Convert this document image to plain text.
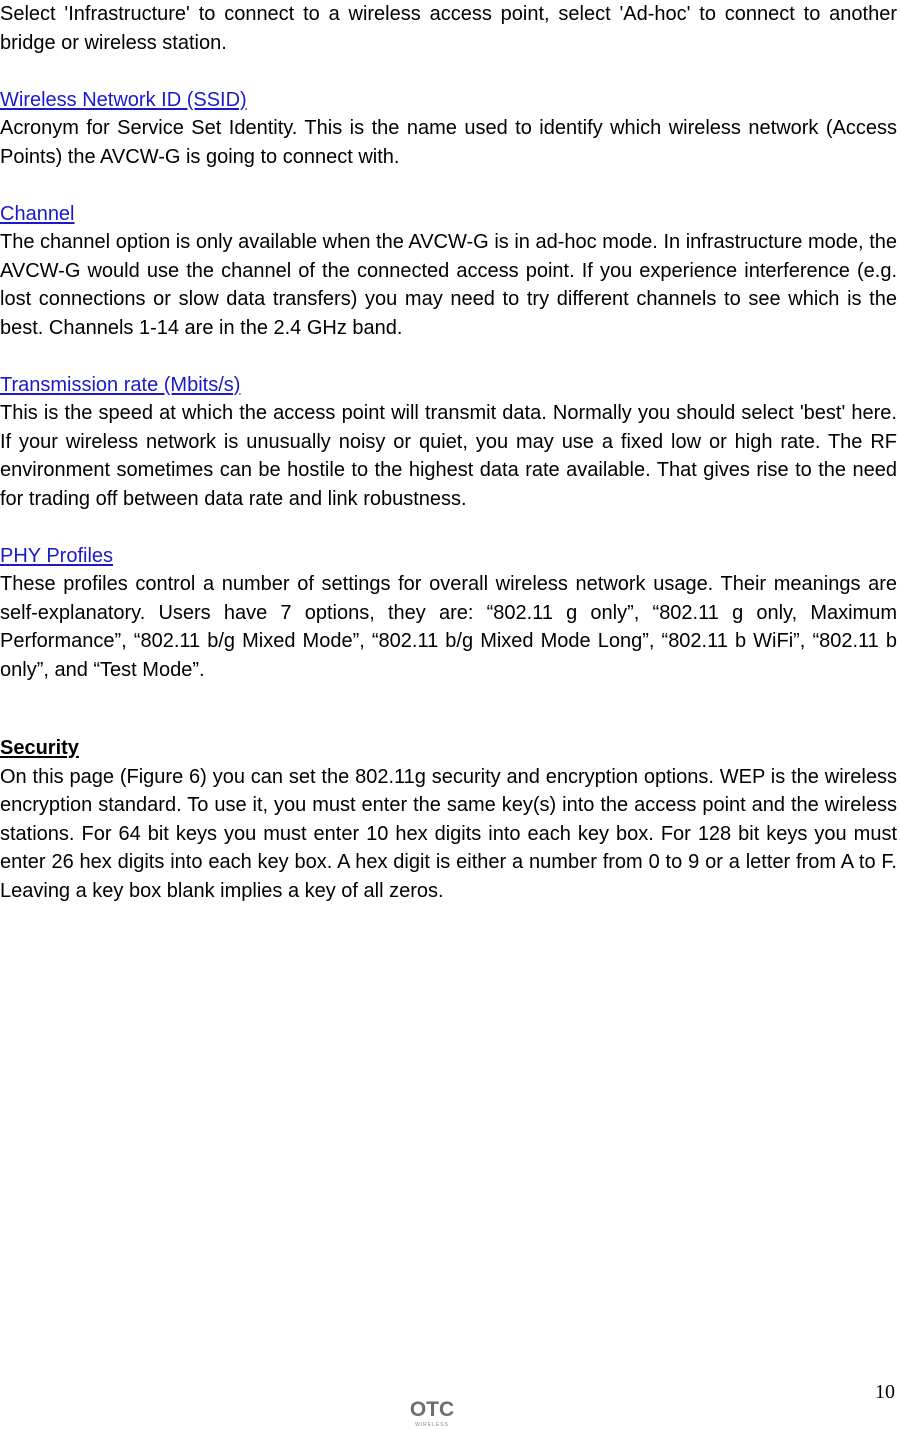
Select 'Infrastructure' to connect to a wireless access point, select 'Ad-hoc' to connect to another bridge or wireless station.

Wireless Network ID (SSID)

Acronym for Service Set Identity. This is the name used to identify which wireless network (Access Points) the AVCW-G is going to connect with.

Channel

The channel option is only available when the AVCW-G is in ad-hoc mode. In infrastructure mode, the AVCW-G would use the channel of the connected access point. If you experience interference (e.g. lost connections or slow data transfers) you may need to try different channels to see which is the best. Channels 1-14 are in the 2.4 GHz band.

Transmission rate (Mbits/s)

This is the speed at which the access point will transmit data. Normally you should select 'best' here. If your wireless network is unusually noisy or quiet, you may use a fixed low or high rate. The RF environment sometimes can be hostile to the highest data rate available. That gives rise to the need for trading off between data rate and link robustness.

PHY Profiles

These profiles control a number of settings for overall wireless network usage. Their meanings are self-explanatory. Users have 7 options, they are: “802.11 g only”, “802.11 g only, Maximum Performance”, “802.11 b/g Mixed Mode”, “802.11 b/g Mixed Mode Long”, “802.11 b WiFi”, “802.11 b only”, and “Test Mode”.

Security

On this page (Figure 6) you can set the 802.11g security and encryption options. WEP is the wireless encryption standard. To use it, you must enter the same key(s) into the access point and the wireless stations. For 64 bit keys you must enter 10 hex digits into each key box. For 128 bit keys you must enter 26 hex digits into each key box. A hex digit is either a number from 0 to 9 or a letter from A to F. Leaving a key box blank implies a key of all zeros.

10
OTC
WIRELESS
